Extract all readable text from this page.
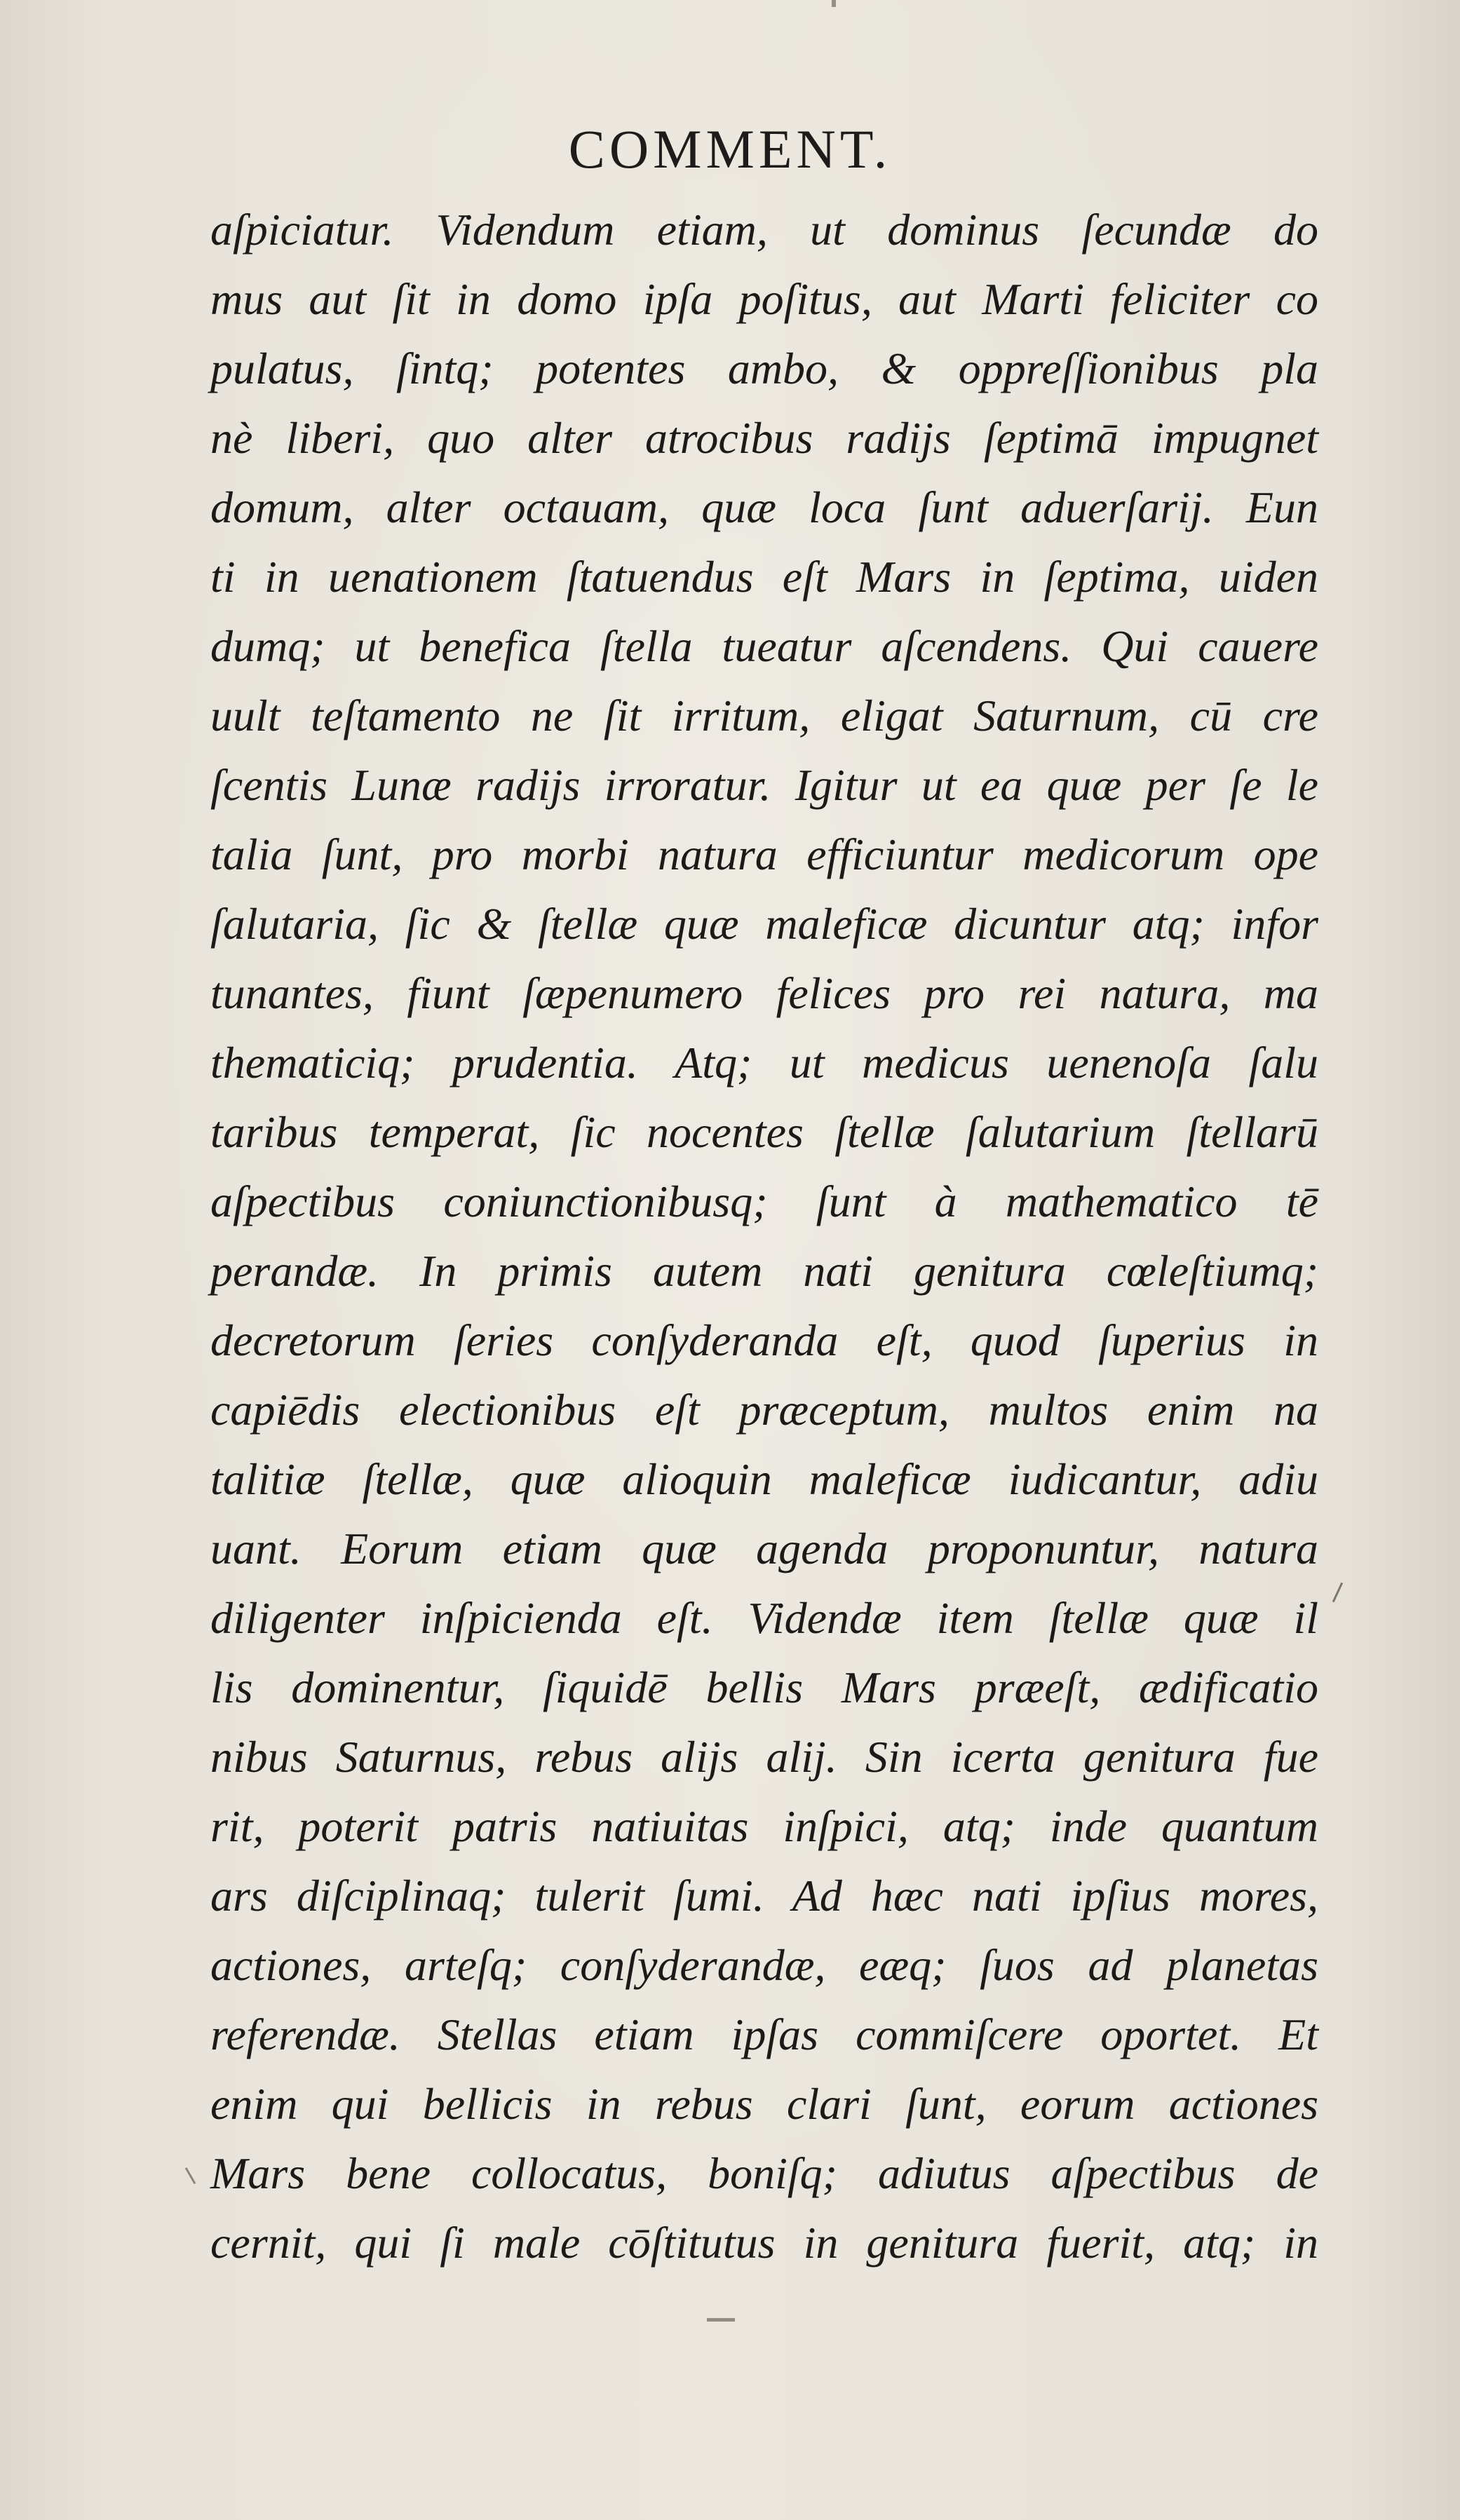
COMMENT.
aſpiciatur. Videndum etiam, ut dominus ſecundæ do
mus aut ſit in domo ipſa poſitus, aut Marti feliciter co
pulatus, ſintq; potentes ambo, & oppreſſionibus pla
nè liberi, quo alter atrocibus radijs ſeptimā impugnet
domum, alter octauam, quæ loca ſunt aduerſarij. Eun
ti in uenationem ſtatuendus eſt Mars in ſeptima, uiden
dumq; ut benefica ſtella tueatur aſcendens. Qui cauere
uult teſtamento ne ſit irritum, eligat Saturnum, cū cre
ſcentis Lunæ radijs irroratur. Igitur ut ea quæ per ſe le
talia ſunt, pro morbi natura efficiuntur medicorum ope
ſalutaria, ſic & ſtellæ quæ maleficæ dicuntur atq; infor
tunantes, fiunt ſæpenumero felices pro rei natura, ma
thematiciq; prudentia. Atq; ut medicus uenenoſa ſalu
taribus temperat, ſic nocentes ſtellæ ſalutarium ſtellarū
aſpectibus coniunctionibusq; ſunt à mathematico tē
perandæ. In primis autem nati genitura cœleſtiumq;
decretorum ſeries conſyderanda eſt, quod ſuperius in
capiēdis electionibus eſt præceptum, multos enim na
talitiæ ſtellæ, quæ alioquin maleficæ iudicantur, adiu
uant. Eorum etiam quæ agenda proponuntur, natura
diligenter inſpicienda eſt. Videndæ item ſtellæ quæ il
lis dominentur, ſiquidē bellis Mars præeſt, ædificatio
nibus Saturnus, rebus alijs alij. Sin icerta genitura fue
rit, poterit patris natiuitas inſpici, atq; inde quantum
ars diſciplinaq; tulerit ſumi. Ad hæc nati ipſius mores,
actiones, arteſq; conſyderandæ, eæq; ſuos ad planetas
referendæ. Stellas etiam ipſas commiſcere oportet. Et
enim qui bellicis in rebus clari ſunt, eorum actiones
Mars bene collocatus, boniſq; adiutus aſpectibus de
cernit, qui ſi male cōſtitutus in genitura fuerit, atq; in
